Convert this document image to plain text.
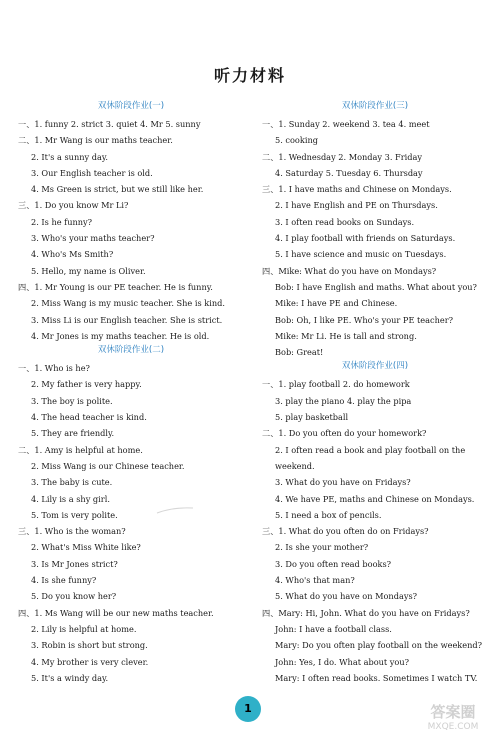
听力材料
双休阶段作业(一)
一、1. funny 2. strict 3. quiet 4. Mr 5. sunny
二、1. Mr Wang is our maths teacher.
2. It's a sunny day.
3. Our English teacher is old.
4. Ms Green is strict, but we still like her.
三、1. Do you know Mr Li?
2. Is he funny?
3. Who's your maths teacher?
4. Who's Ms Smith?
5. Hello, my name is Oliver.
四、1. Mr Young is our PE teacher. He is funny.
2. Miss Wang is my music teacher. She is kind.
3. Miss Li is our English teacher. She is strict.
4. Mr Jones is my maths teacher. He is old.
双休阶段作业(二)
一、1. Who is he?
2. My father is very happy.
3. The boy is polite.
4. The head teacher is kind.
5. They are friendly.
二、1. Amy is helpful at home.
2. Miss Wang is our Chinese teacher.
3. The baby is cute.
4. Lily is a shy girl.
5. Tom is very polite.
三、1. Who is the woman?
2. What's Miss White like?
3. Is Mr Jones strict?
4. Is she funny?
5. Do you know her?
四、1. Ms Wang will be our new maths teacher.
2. Lily is helpful at home.
3. Robin is short but strong.
4. My brother is very clever.
5. It's a windy day.
双休阶段作业(三)
一、1. Sunday 2. weekend 3. tea 4. meet
5. cooking
二、1. Wednesday 2. Monday 3. Friday
4. Saturday 5. Tuesday 6. Thursday
三、1. I have maths and Chinese on Mondays.
2. I have English and PE on Thursdays.
3. I often read books on Sundays.
4. I play football with friends on Saturdays.
5. I have science and music on Tuesdays.
四、Mike: What do you have on Mondays?
Bob: I have English and maths. What about you?
Mike: I have PE and Chinese.
Bob: Oh, I like PE. Who's your PE teacher?
Mike: Mr Li. He is tall and strong.
Bob: Great!
双休阶段作业(四)
一、1. play football 2. do homework
3. play the piano 4. play the pipa
5. play basketball
二、1. Do you often do your homework?
2. I often read a book and play football on the
weekend.
3. What do you have on Fridays?
4. We have PE, maths and Chinese on Mondays.
5. I need a box of pencils.
三、1. What do you often do on Fridays?
2. Is she your mother?
3. Do you often read books?
4. Who's that man?
5. What do you have on Mondays?
四、Mary: Hi, John. What do you have on Fridays?
John: I have a football class.
Mary: Do you often play football on the weekend?
John: Yes, I do. What about you?
Mary: I often read books. Sometimes I watch TV.
1	答案圈
MXQE.COM
